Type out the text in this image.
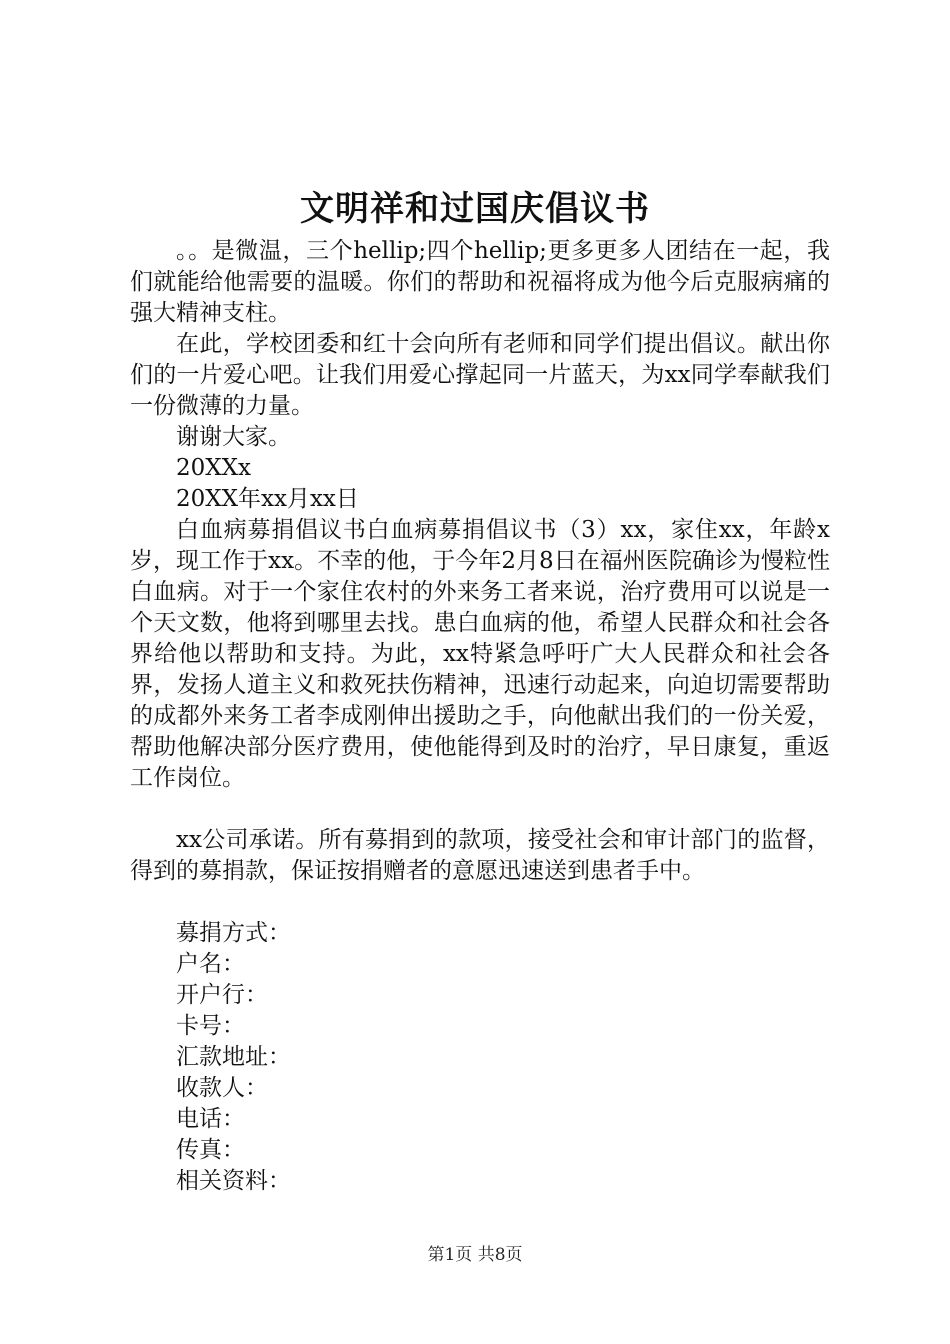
文明祥和过国庆倡议书

。。是微温，三个hellip;四个hellip;更多更多人团结在一起，我们就能给他需要的温暖。你们的帮助和祝福将成为他今后克服病痛的强大精神支柱。

在此，学校团委和红十会向所有老师和同学们提出倡议。献出你们的一片爱心吧。让我们用爱心撑起同一片蓝天，为xx同学奉献我们一份微薄的力量。

谢谢大家。

20XXx

20XX年xx月xx日

白血病募捐倡议书白血病募捐倡议书（3）xx，家住xx，年龄x岁，现工作于xx。不幸的他，于今年2月8日在福州医院确诊为慢粒性白血病。对于一个家住农村的外来务工者来说，治疗费用可以说是一个天文数，他将到哪里去找。患白血病的他，希望人民群众和社会各界给他以帮助和支持。为此，xx特紧急呼吁广大人民群众和社会各界，发扬人道主义和救死扶伤精神，迅速行动起来，向迫切需要帮助的成都外来务工者李成刚伸出援助之手，向他献出我们的一份关爱，帮助他解决部分医疗费用，使他能得到及时的治疗，早日康复，重返工作岗位。

xx公司承诺。所有募捐到的款项，接受社会和审计部门的监督，得到的募捐款，保证按捐赠者的意愿迅速送到患者手中。

募捐方式：

户名：

开户行：

卡号：

汇款地址：

收款人：

电话：

传真：

相关资料：

第1页 共8页
